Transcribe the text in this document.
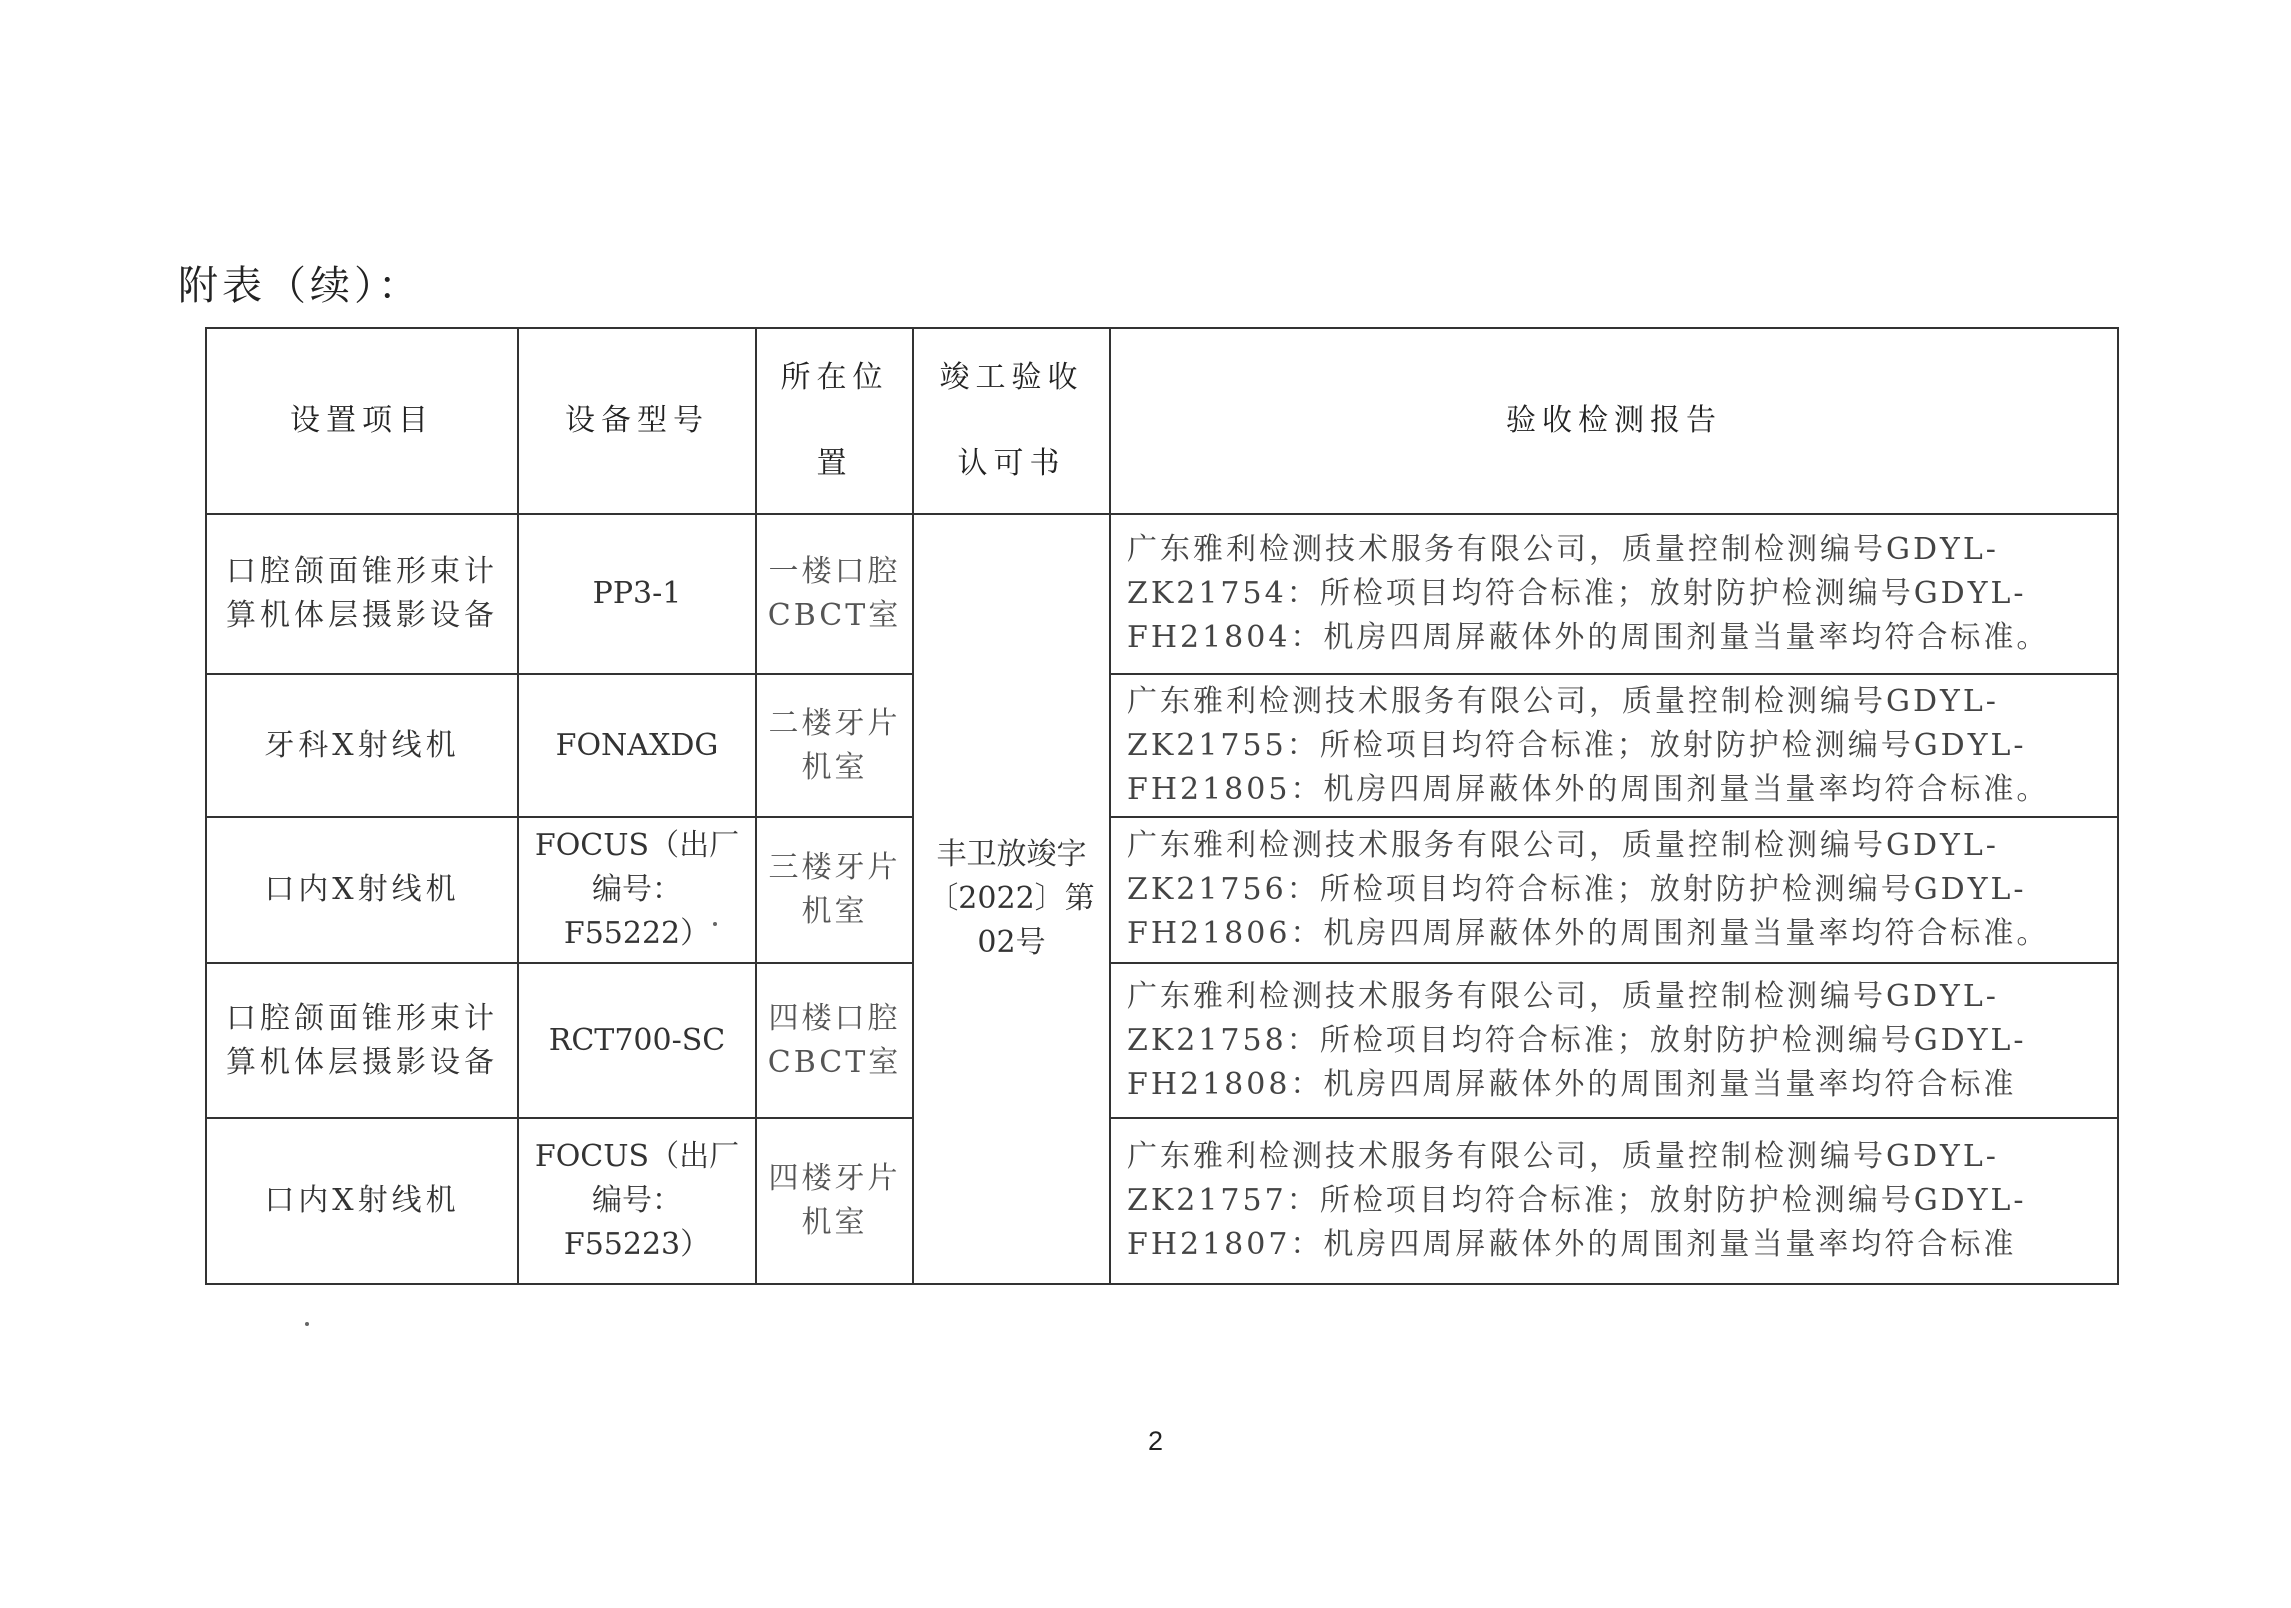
附表（续）：
设置项目	设备型号	所在位置	竣工验收认可书	验收检测报告
口腔颌面锥形束计算机体层摄影设备	PP3-1	一楼口腔CBCT室	丰卫放竣字〔2022〕第02号	广东雅利检测技术服务有限公司，质量控制检测编号GDYL-ZK21754：所检项目均符合标准；放射防护检测编号GDYL-FH21804：机房四周屏蔽体外的周围剂量当量率均符合标准。
牙科X射线机	FONAXDG	二楼牙片机室		广东雅利检测技术服务有限公司，质量控制检测编号GDYL-ZK21755：所检项目均符合标准；放射防护检测编号GDYL-FH21805：机房四周屏蔽体外的周围剂量当量率均符合标准。
口内X射线机	FOCUS（出厂编号：F55222）	三楼牙片机室		广东雅利检测技术服务有限公司，质量控制检测编号GDYL-ZK21756：所检项目均符合标准；放射防护检测编号GDYL-FH21806：机房四周屏蔽体外的周围剂量当量率均符合标准。
口腔颌面锥形束计算机体层摄影设备	RCT700-SC	四楼口腔CBCT室		广东雅利检测技术服务有限公司，质量控制检测编号GDYL-ZK21758：所检项目均符合标准；放射防护检测编号GDYL-FH21808：机房四周屏蔽体外的周围剂量当量率均符合标准
口内X射线机	FOCUS（出厂编号：F55223）	四楼牙片机室		广东雅利检测技术服务有限公司，质量控制检测编号GDYL-ZK21757：所检项目均符合标准；放射防护检测编号GDYL-FH21807：机房四周屏蔽体外的周围剂量当量率均符合标准
2
